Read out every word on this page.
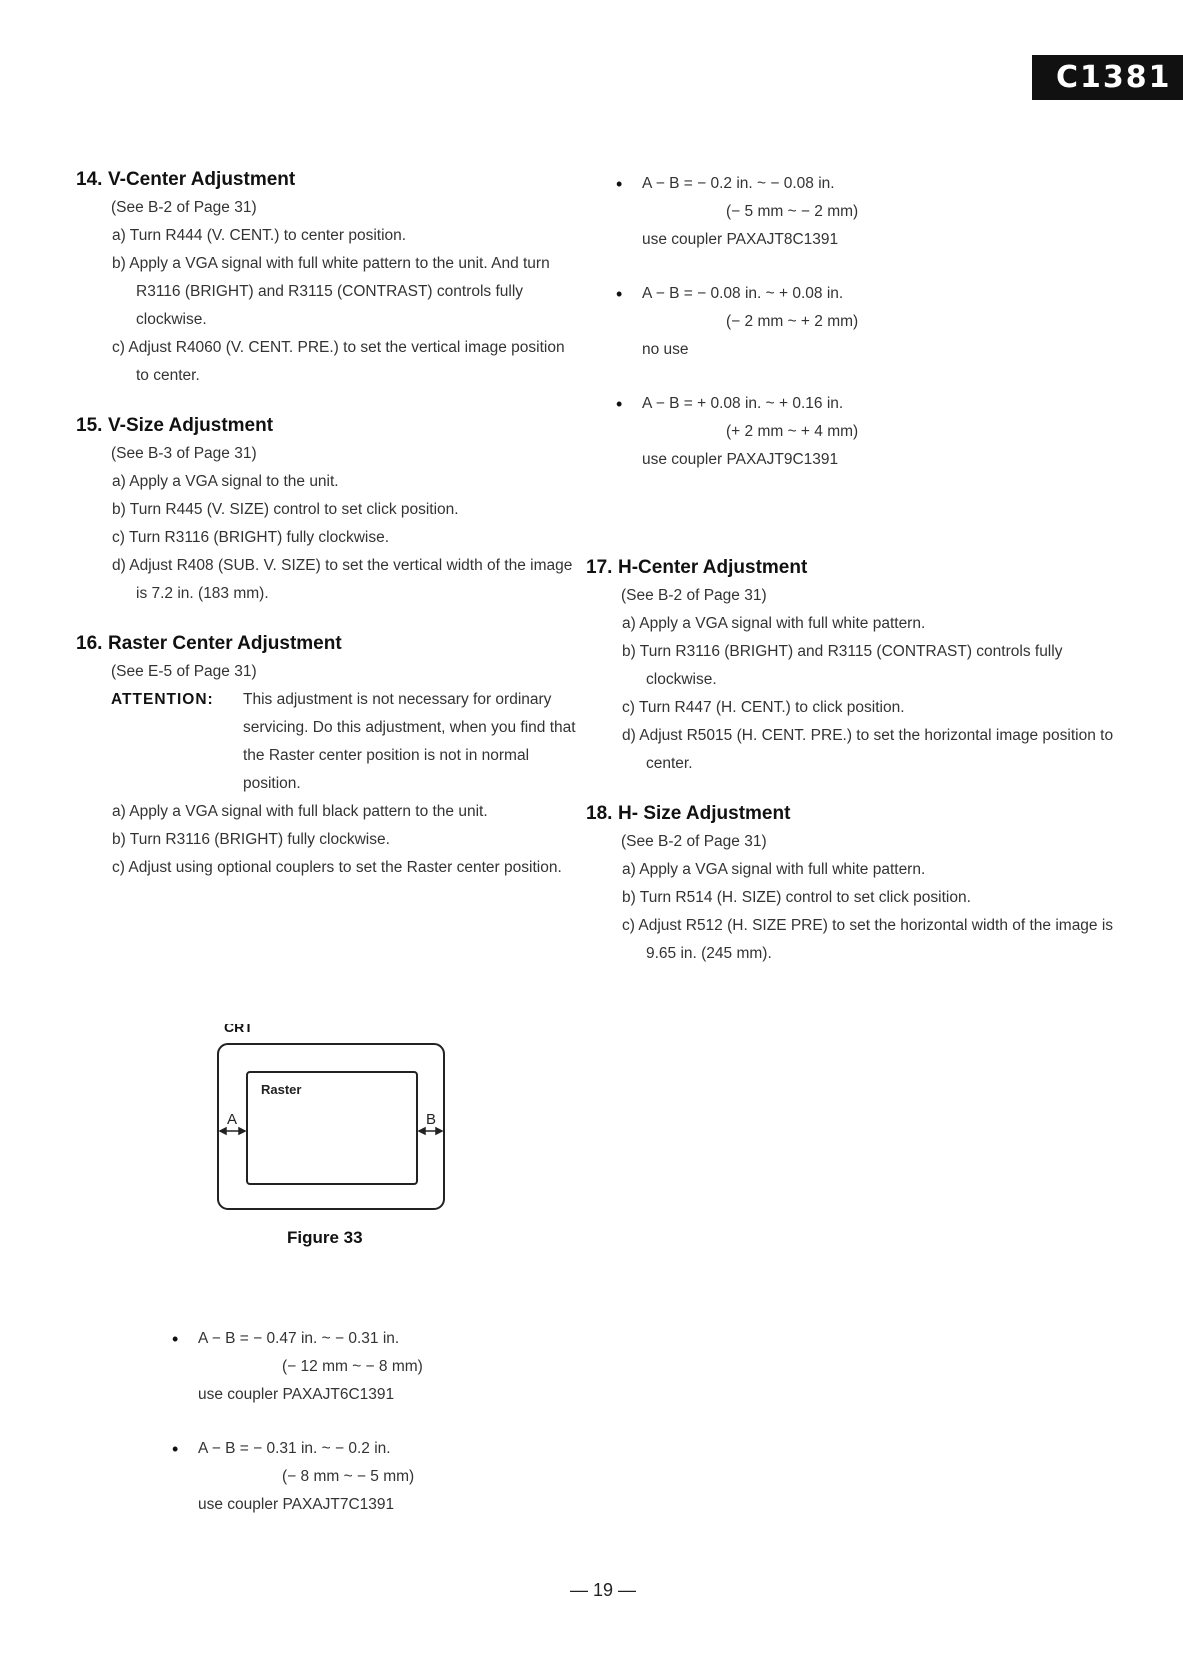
C1381
14. V-Center Adjustment
(See B-2 of Page 31)
a) Turn R444 (V. CENT.) to center position.
b) Apply a VGA signal with full white pattern to the unit. And turn R3116 (BRIGHT) and R3115 (CONTRAST) controls fully clockwise.
c) Adjust R4060 (V. CENT. PRE.) to set the vertical image position to center.
15. V-Size Adjustment
(See B-3 of Page 31)
a) Apply a VGA signal to the unit.
b) Turn R445 (V. SIZE) control to set click position.
c) Turn R3116 (BRIGHT) fully clockwise.
d) Adjust R408 (SUB. V. SIZE) to set the vertical width of the image is 7.2 in. (183 mm).
16. Raster Center Adjustment
(See E-5 of Page 31)
ATTENTION:	This adjustment is not necessary for ordinary servicing. Do this adjustment, when you find that the Raster center position is not in normal position.
a) Apply a VGA signal with full black pattern to the unit.
b) Turn R3116 (BRIGHT) fully clockwise.
c) Adjust using optional couplers to set the Raster center position.
CRT
Raster
A	B
Figure 33
•	A − B = − 0.47 in. ~ − 0.31 in.
(− 12 mm ~ − 8 mm)
use coupler PAXAJT6C1391
•	A − B = − 0.31 in. ~ − 0.2 in.
(− 8 mm ~ − 5 mm)
use coupler PAXAJT7C1391
•	A − B = − 0.2 in. ~ − 0.08 in.
(− 5 mm ~ − 2 mm)
use coupler PAXAJT8C1391
•	A − B = − 0.08 in. ~ + 0.08 in.
(− 2 mm ~ + 2 mm)
no use
•	A − B = + 0.08 in. ~ + 0.16 in.
(+ 2 mm ~ + 4 mm)
use coupler PAXAJT9C1391
17. H-Center Adjustment
(See B-2 of Page 31)
a) Apply a VGA signal with full white pattern.
b) Turn R3116 (BRIGHT) and R3115 (CONTRAST) controls fully clockwise.
c) Turn R447 (H. CENT.) to click position.
d) Adjust R5015 (H. CENT. PRE.) to set the horizontal image position to center.
18. H- Size Adjustment
(See B-2 of Page 31)
a) Apply a VGA signal with full white pattern.
b) Turn R514 (H. SIZE) control to set click position.
c) Adjust R512 (H. SIZE PRE) to set the horizontal width of the image is 9.65 in. (245 mm).
— 19 —
